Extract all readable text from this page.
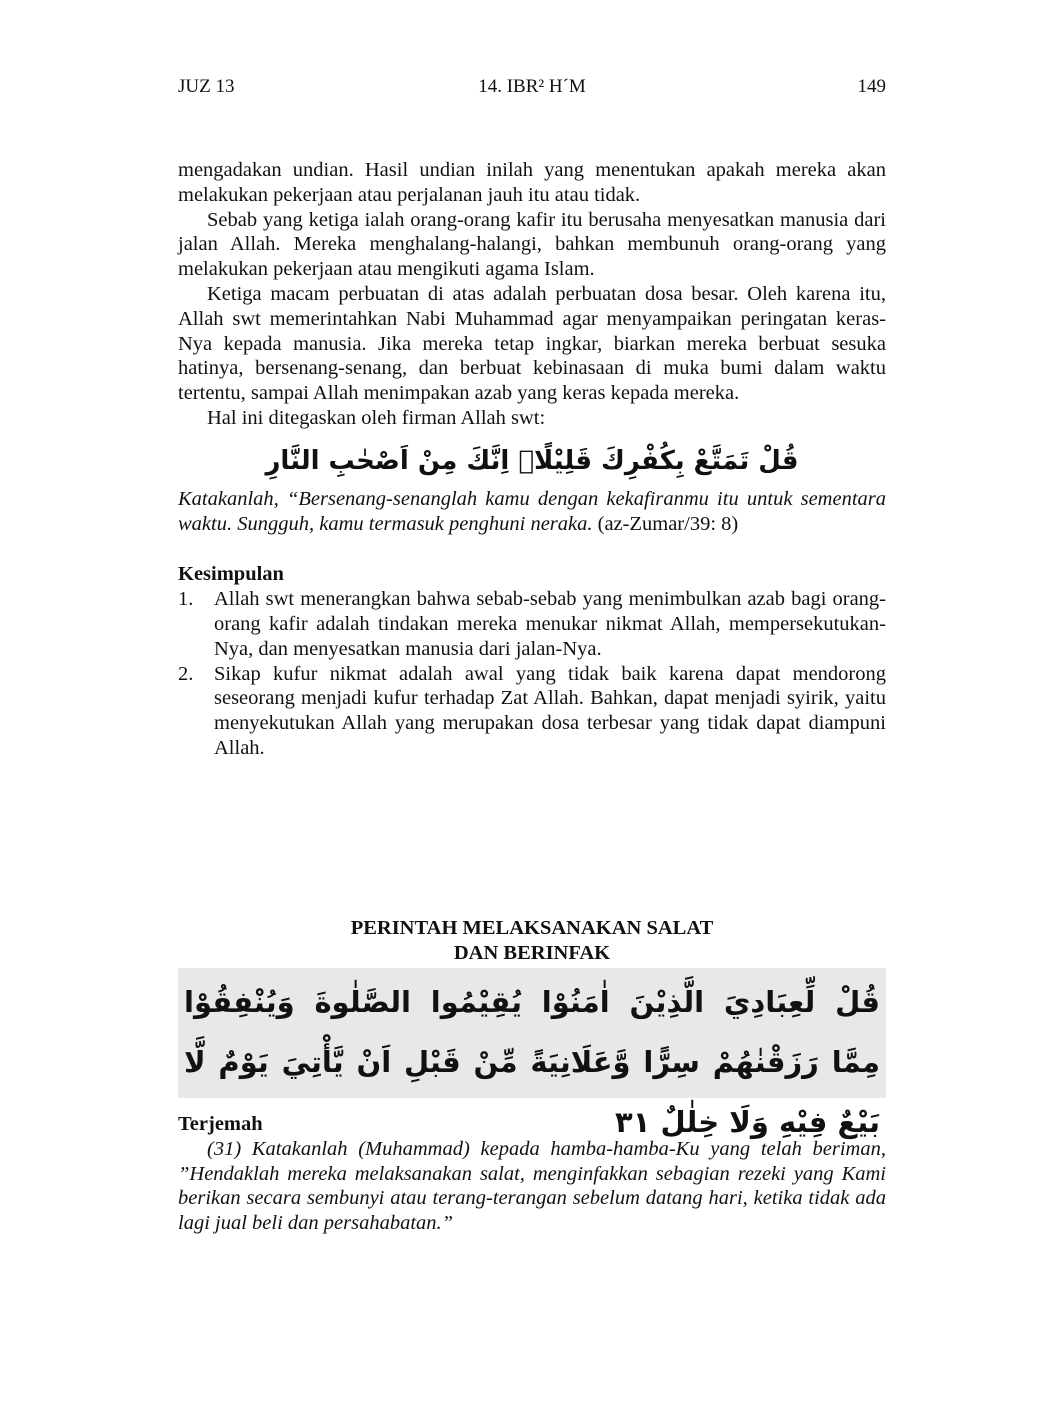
JUZ 13	14. IBR² H´M	149

mengadakan undian. Hasil undian inilah yang menentukan apakah mereka akan melakukan pekerjaan atau perjalanan jauh itu atau tidak.

Sebab yang ketiga ialah orang-orang kafir itu berusaha menyesatkan manusia dari jalan Allah. Mereka menghalang-halangi, bahkan membunuh orang-orang yang melakukan pekerjaan atau mengikuti agama Islam.

Ketiga macam perbuatan di atas adalah perbuatan dosa besar. Oleh karena itu, Allah swt memerintahkan Nabi Muhammad agar menyampaikan peringatan keras-Nya kepada manusia. Jika mereka tetap ingkar, biarkan mereka berbuat sesuka hatinya, bersenang-senang, dan berbuat kebinasaan di muka bumi dalam waktu tertentu, sampai Allah menimpakan azab yang keras kepada mereka.

Hal ini ditegaskan oleh firman Allah swt:

قُلْ تَمَتَّعْ بِكُفْرِكَ قَلِيْلًاۖ اِنَّكَ مِنْ اَصْحٰبِ النَّارِ

Katakanlah, “Bersenang-senanglah kamu dengan kekafiranmu itu untuk sementara waktu. Sungguh, kamu termasuk penghuni neraka. (az-Zumar/39: 8)

Kesimpulan
1. Allah swt menerangkan bahwa sebab-sebab yang menimbulkan azab bagi orang-orang kafir adalah tindakan mereka menukar nikmat Allah, mempersekutukan-Nya, dan menyesatkan manusia dari jalan-Nya.
2. Sikap kufur nikmat adalah awal yang tidak baik karena dapat mendorong seseorang menjadi kufur terhadap Zat Allah. Bahkan, dapat menjadi syirik, yaitu menyekutukan Allah yang merupakan dosa terbesar yang tidak dapat diampuni Allah.
PERINTAH MELAKSANAKAN SALAT
DAN BERINFAK
قُلْ لِّعِبَادِيَ الَّذِيْنَ اٰمَنُوْا يُقِيْمُوا الصَّلٰوةَ وَيُنْفِقُوْا مِمَّا رَزَقْنٰهُمْ سِرًّا وَّعَلَانِيَةً مِّنْ قَبْلِ اَنْ يَّأْتِيَ يَوْمٌ لَّا بَيْعٌ فِيْهِ وَلَا خِلٰلٌ ٣١
Terjemah

(31) Katakanlah (Muhammad) kepada hamba-hamba-Ku yang telah beriman, ”Hendaklah mereka melaksanakan salat, menginfakkan sebagian rezeki yang Kami berikan secara sembunyi atau terang-terangan sebelum datang hari, ketika tidak ada lagi jual beli dan persahabatan.”
